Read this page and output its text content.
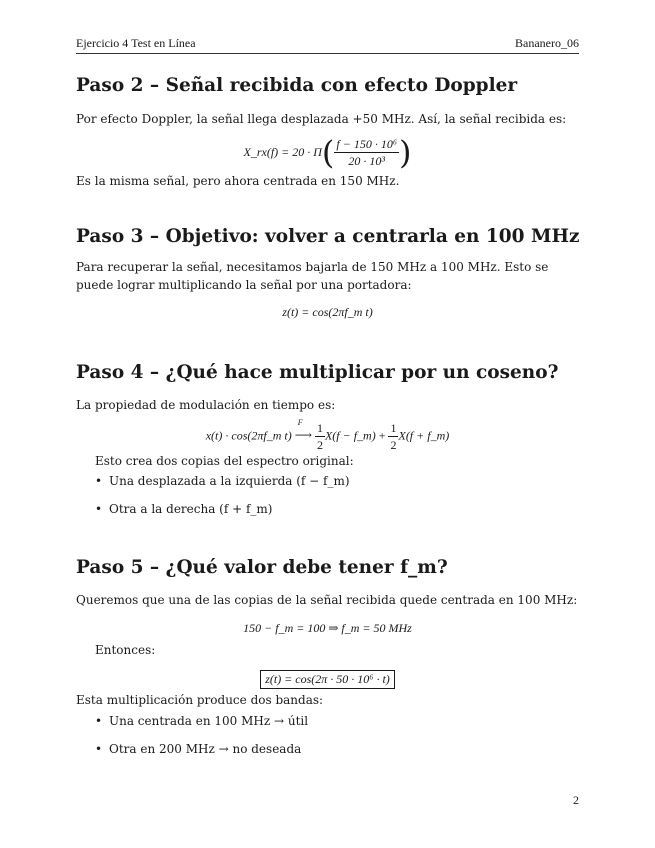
Ejercicio 4 Test en Línea	Bananero_06
Paso 2 – Señal recibida con efecto Doppler

Por efecto Doppler, la señal llega desplazada +50 MHz. Así, la señal recibida es:

X_rx(f) = $20 \cdot \Pi( \frac{\text{f − 150 · 10⁶}}{\text{20 · 10³}}$ )

Es la misma señal, pero ahora centrada en 150 MHz.

Paso 3 – Objetivo: volver a centrarla en 100 MHz

Para recuperar la señal, necesitamos bajarla de 150 MHz a 100 MHz. Esto se puede lograr multiplicando la señal por una portadora:

z(t) = cos(2πf_m t)
Paso 4 – ¿Qué hace multiplicar por un coseno?

La propiedad de modulación en tiempo es:

x(t) · cos(2πf_m t)
F
⟶ $\frac{1}{2} X(f$ − f_m) + $\frac{1}{2} X(f$ + f_m)

Esto crea dos copias del espectro original:

• Una desplazada a la izquierda (f − f_m)
• Otra a la derecha (f + f_m)
Paso 5 – ¿Qué valor debe tener f_m?

Queremos que una de las copias de la señal recibida quede centrada en 100 MHz:

150 − f_m = 100 ⇒ f_m = 50 MHz

Entonces:

z(t) = cos(2π · 50 · 10⁶ · t)

Esta multiplicación produce dos bandas:

• Una centrada en 100 MHz → útil
• Otra en 200 MHz → no deseada
2
